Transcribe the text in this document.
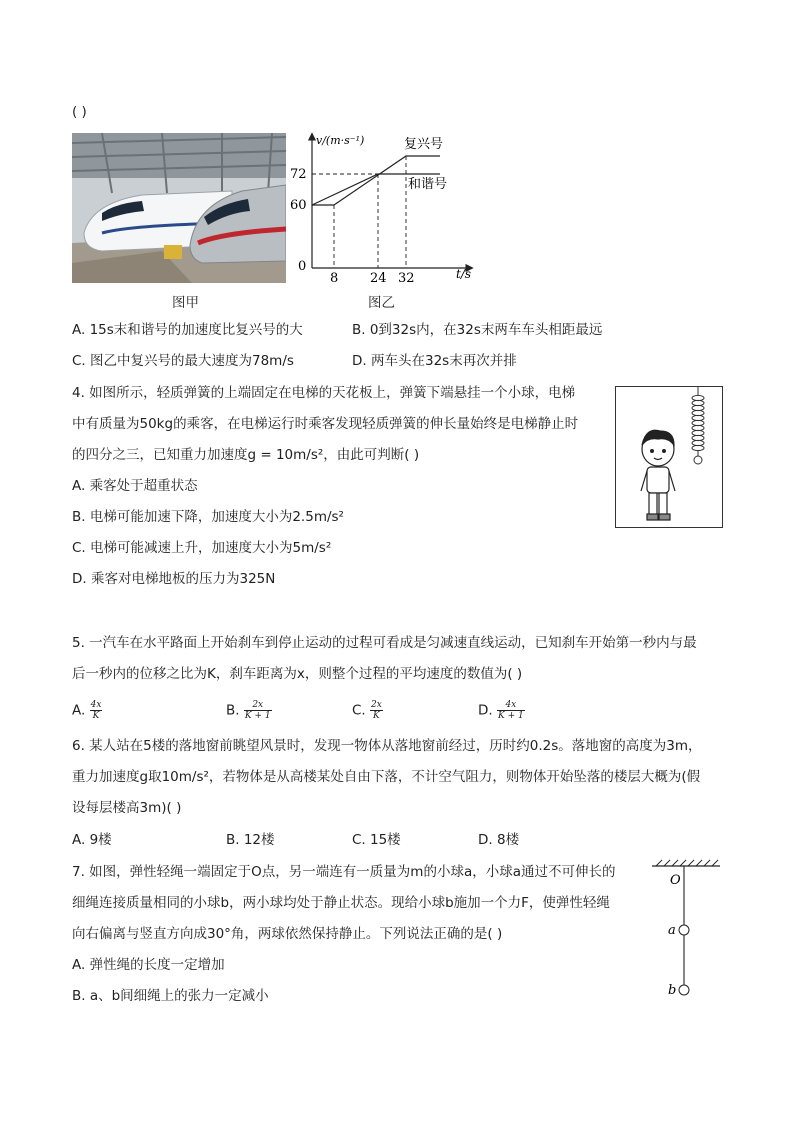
( )
72
60
0
8 24 32
v/(m·s⁻¹)
t/s
复兴号
和谐号
图甲	图乙
A. 15s末和谐号的加速度比复兴号的大	B. 0到32s内，在32s末两车车头相距最远
C. 图乙中复兴号的最大速度为78m/s	D. 两车头在32s末再次并排
4. 如图所示，轻质弹簧的上端固定在电梯的天花板上，弹簧下端悬挂一个小球，电梯
中有质量为50kg的乘客，在电梯运行时乘客发现轻质弹簧的伸长量始终是电梯静止时
的四分之三，已知重力加速度g = 10m/s²，由此可判断( )
A. 乘客处于超重状态
B. 电梯可能加速下降，加速度大小为2.5m/s²
C. 电梯可能减速上升，加速度大小为5m/s²
D. 乘客对电梯地板的压力为325N
5. 一汽车在水平路面上开始刹车到停止运动的过程可看成是匀减速直线运动，已知刹车开始第一秒内与最
后一秒内的位移之比为K，刹车距离为x，则整个过程的平均速度的数值为( )
A. $\frac{4x}{K}$	B. $\frac{2x}{K + 1}$	C. $\frac{2x}{K}$	D. $\frac{4x}{K + 1}$
6. 某人站在5楼的落地窗前眺望风景时，发现一物体从落地窗前经过，历时约0.2s。落地窗的高度为3m，
重力加速度g取10m/s²，若物体是从高楼某处自由下落，不计空气阻力，则物体开始坠落的楼层大概为(假
设每层楼高3m)( )
A. 9楼	B. 12楼	C. 15楼	D. 8楼
7. 如图，弹性轻绳一端固定于O点，另一端连有一质量为m的小球a，小球a通过不可伸长的
细绳连接质量相同的小球b，两小球均处于静止状态。现给小球b施加一个力F，使弹性轻绳
向右偏离与竖直方向成30°角，两球依然保持静止。下列说法正确的是( )
A. 弹性绳的长度一定增加
B. a、b间细绳上的张力一定减小
O
a
b
